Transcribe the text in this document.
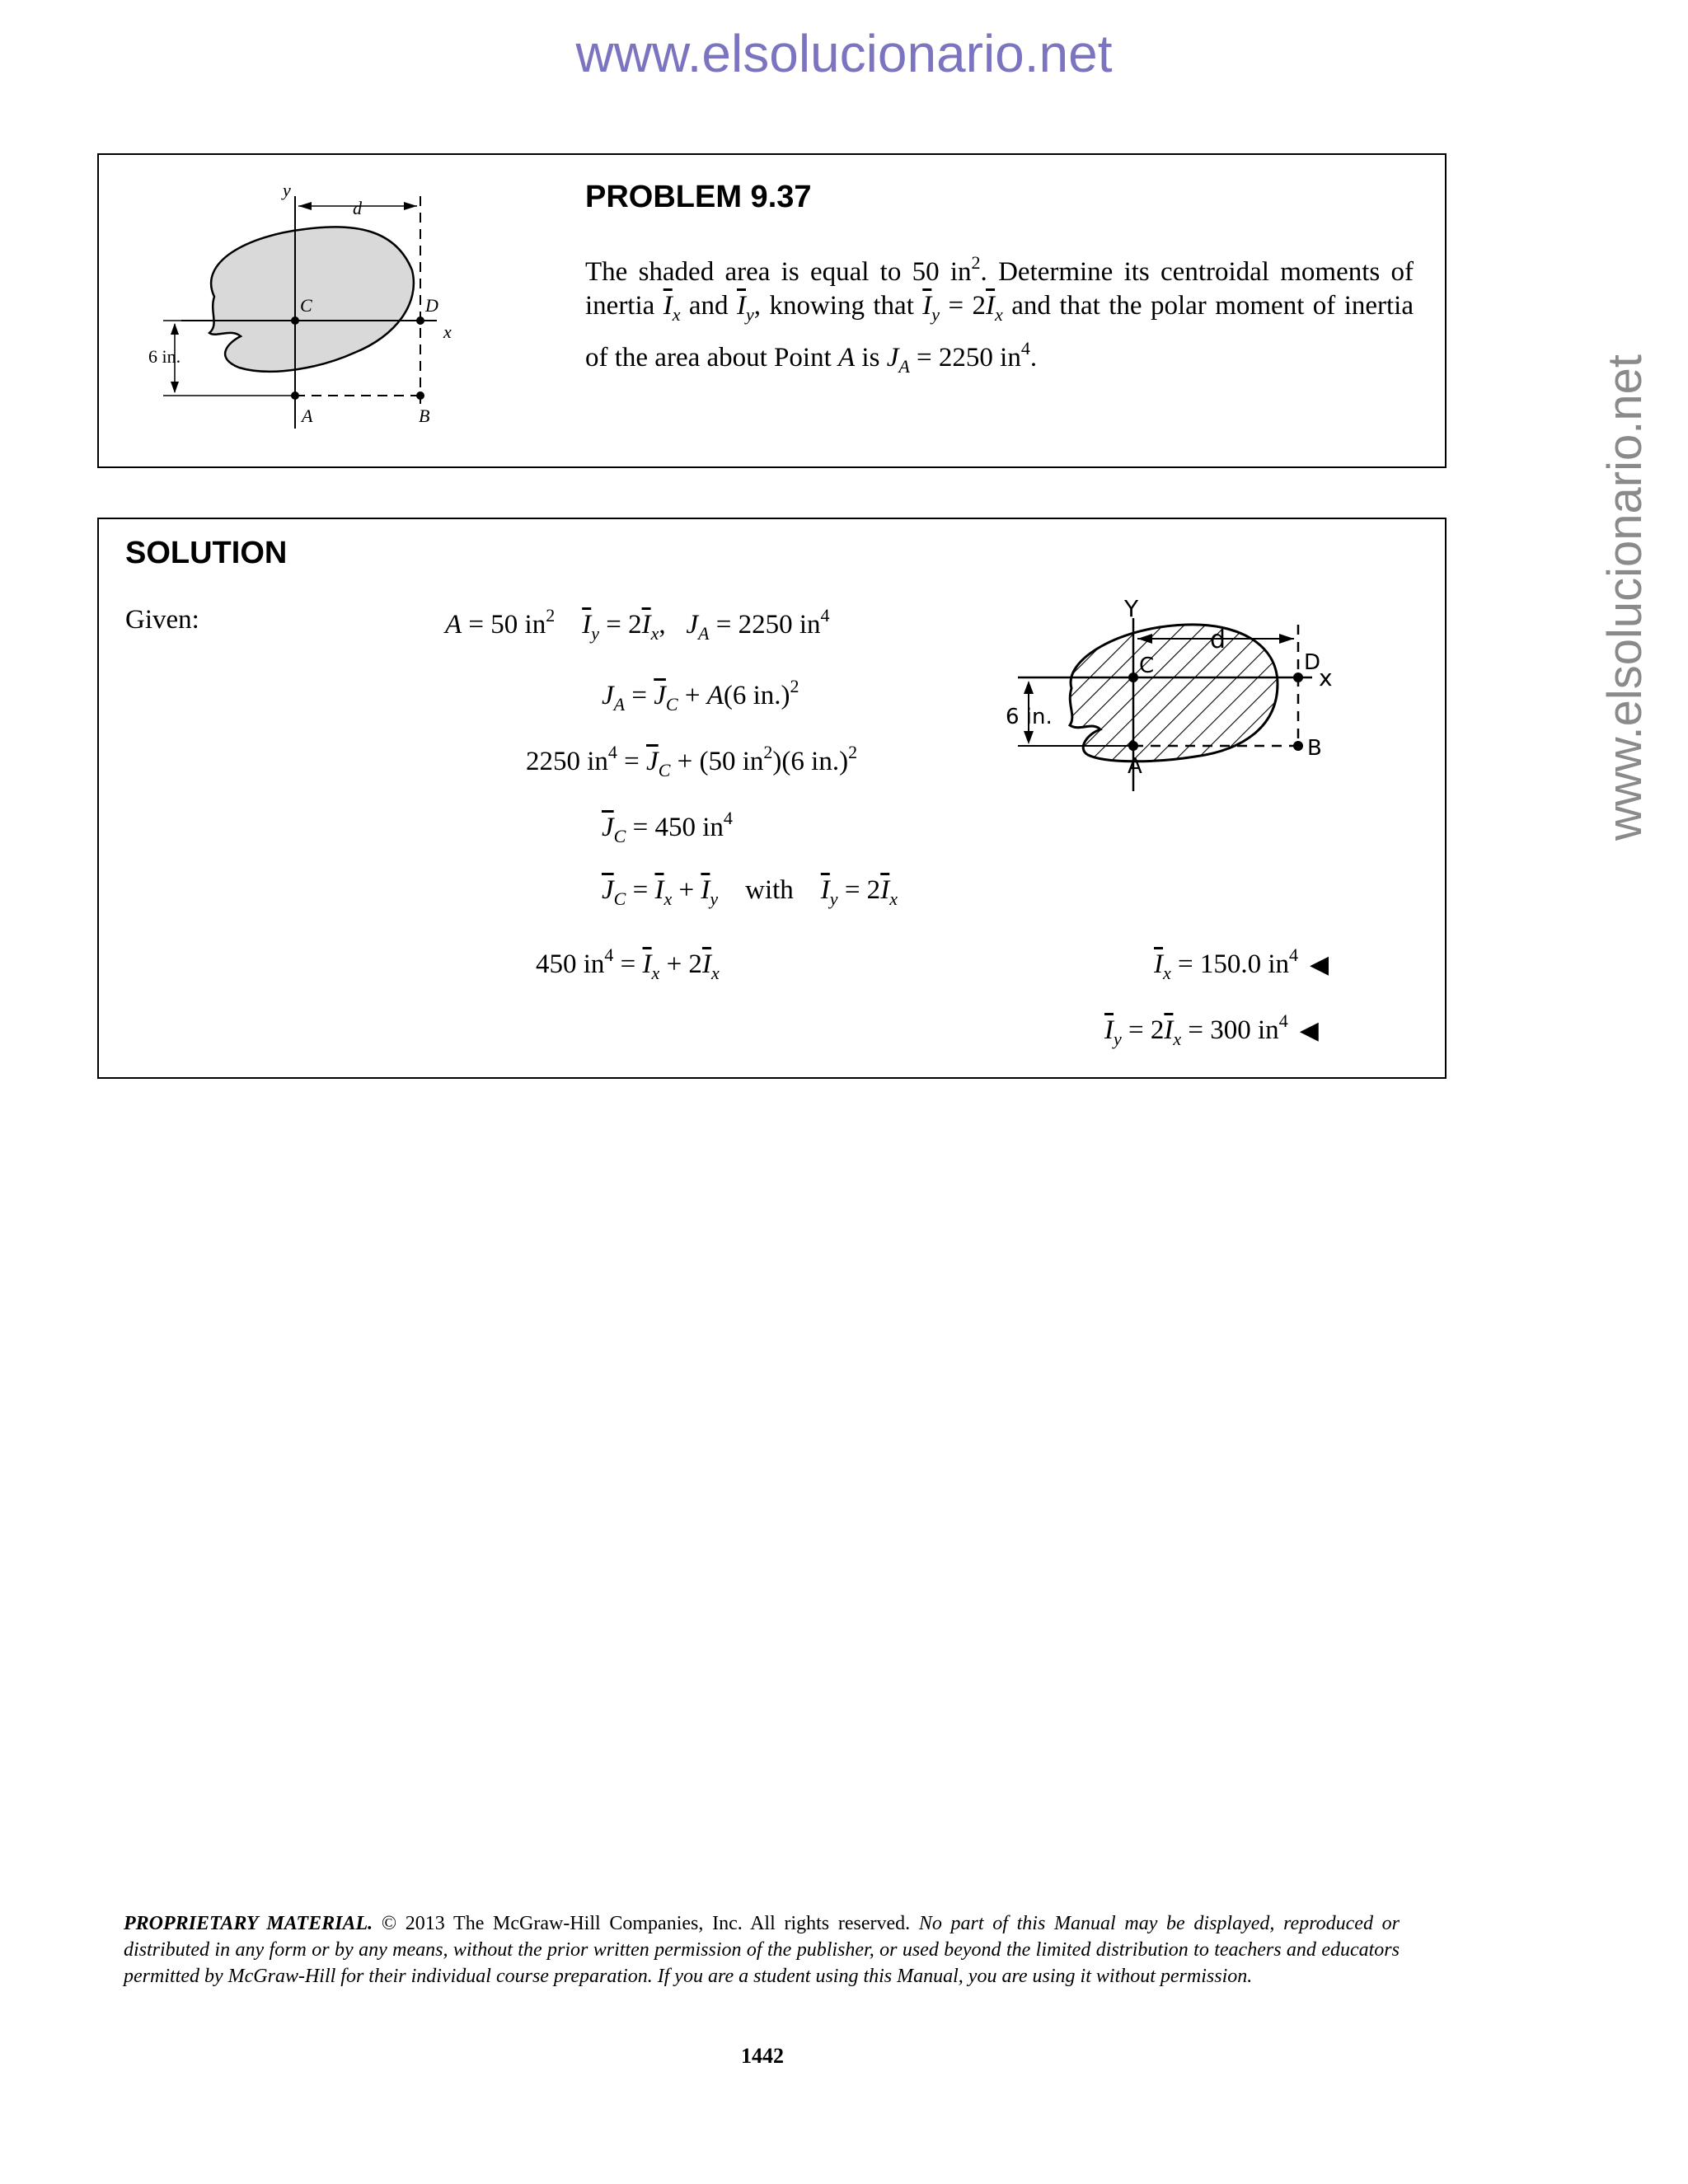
www.elsolucionario.net
www.elsolucionario.net
y
d
C	D
x
6 in.
A	B
PROBLEM 9.37
The shaded area is equal to 50 $in^2$. Determine its centroidal moments of inertia $\overline{I}_x$ and $\overline{I}_y$, knowing that $\overline{I}_y = 2\overline{I}_x$ and that the polar moment of inertia of the area about Point A is $J_A = 2250$ $in^4$.
SOLUTION
Given:	A = 50 $in^2$ $\overline{I}_y = 2\overline{I}_x$,   $J_A = 2250$ $in^4$
$J_A = \overline{J}_C + A(6$ in.)$^2$
2250 $in^4 = \overline{J}_C + (50$ $in^2)(6$ in.)$^2$
$\overline{J}_C = 450$ $in^4$
$\overline{J}_C = \overline{I}_x + \overline{I}_y$    with    $\overline{I}_y = 2\overline{I}_x$
450 $in^4 = \overline{I}_x + 2\overline{I}_x$	$\overline{I}_x = 150.0$ $in^4$ ◀
$\overline{I}_y = 2\overline{I}_x = 300$ $in^4$ ◀
Y
d
C	D
x
6 in.
A
B
PROPRIETARY MATERIAL. © 2013 The McGraw-Hill Companies, Inc. All rights reserved. No part of this Manual may be displayed, reproduced or distributed in any form or by any means, without the prior written permission of the publisher, or used beyond the limited distribution to teachers and educators permitted by McGraw-Hill for their individual course preparation. If you are a student using this Manual, you are using it without permission.
1442
